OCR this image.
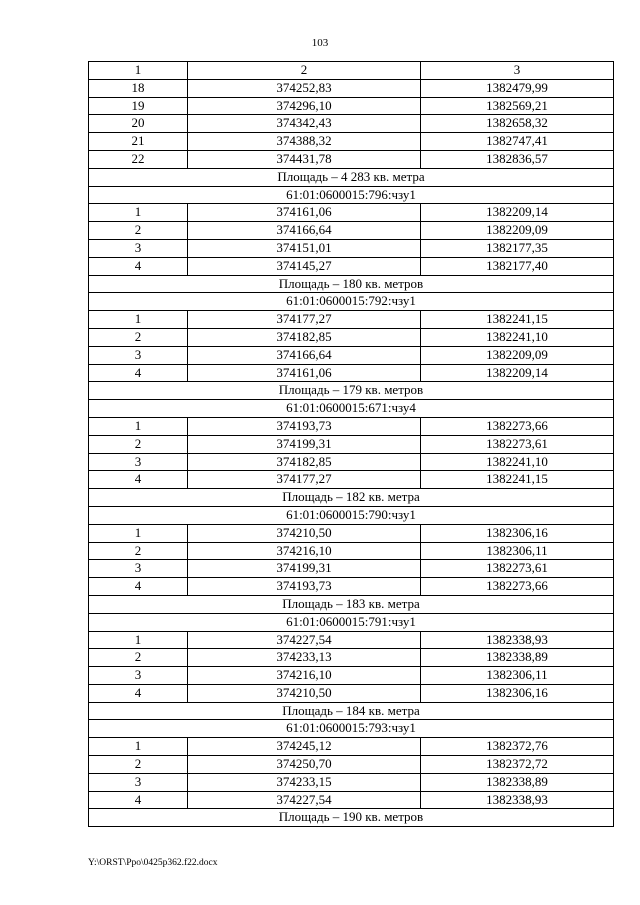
103
1	2	3
18	374252,83	1382479,99
19	374296,10	1382569,21
20	374342,43	1382658,32
21	374388,32	1382747,41
22	374431,78	1382836,57
Площадь – 4 283 кв. метра		
61:01:0600015:796:чзу1		
1	374161,06	1382209,14
2	374166,64	1382209,09
3	374151,01	1382177,35
4	374145,27	1382177,40
Площадь – 180 кв. метров		
61:01:0600015:792:чзу1		
1	374177,27	1382241,15
2	374182,85	1382241,10
3	374166,64	1382209,09
4	374161,06	1382209,14
Площадь – 179 кв. метров		
61:01:0600015:671:чзу4		
1	374193,73	1382273,66
2	374199,31	1382273,61
3	374182,85	1382241,10
4	374177,27	1382241,15
Площадь – 182 кв. метра		
61:01:0600015:790:чзу1		
1	374210,50	1382306,16
2	374216,10	1382306,11
3	374199,31	1382273,61
4	374193,73	1382273,66
Площадь – 183 кв. метра		
61:01:0600015:791:чзу1		
1	374227,54	1382338,93
2	374233,13	1382338,89
3	374216,10	1382306,11
4	374210,50	1382306,16
Площадь – 184 кв. метра		
61:01:0600015:793:чзу1		
1	374245,12	1382372,76
2	374250,70	1382372,72
3	374233,15	1382338,89
4	374227,54	1382338,93
Площадь – 190 кв. метров		
Y:\ORST\Ppo\0425p362.f22.docx
